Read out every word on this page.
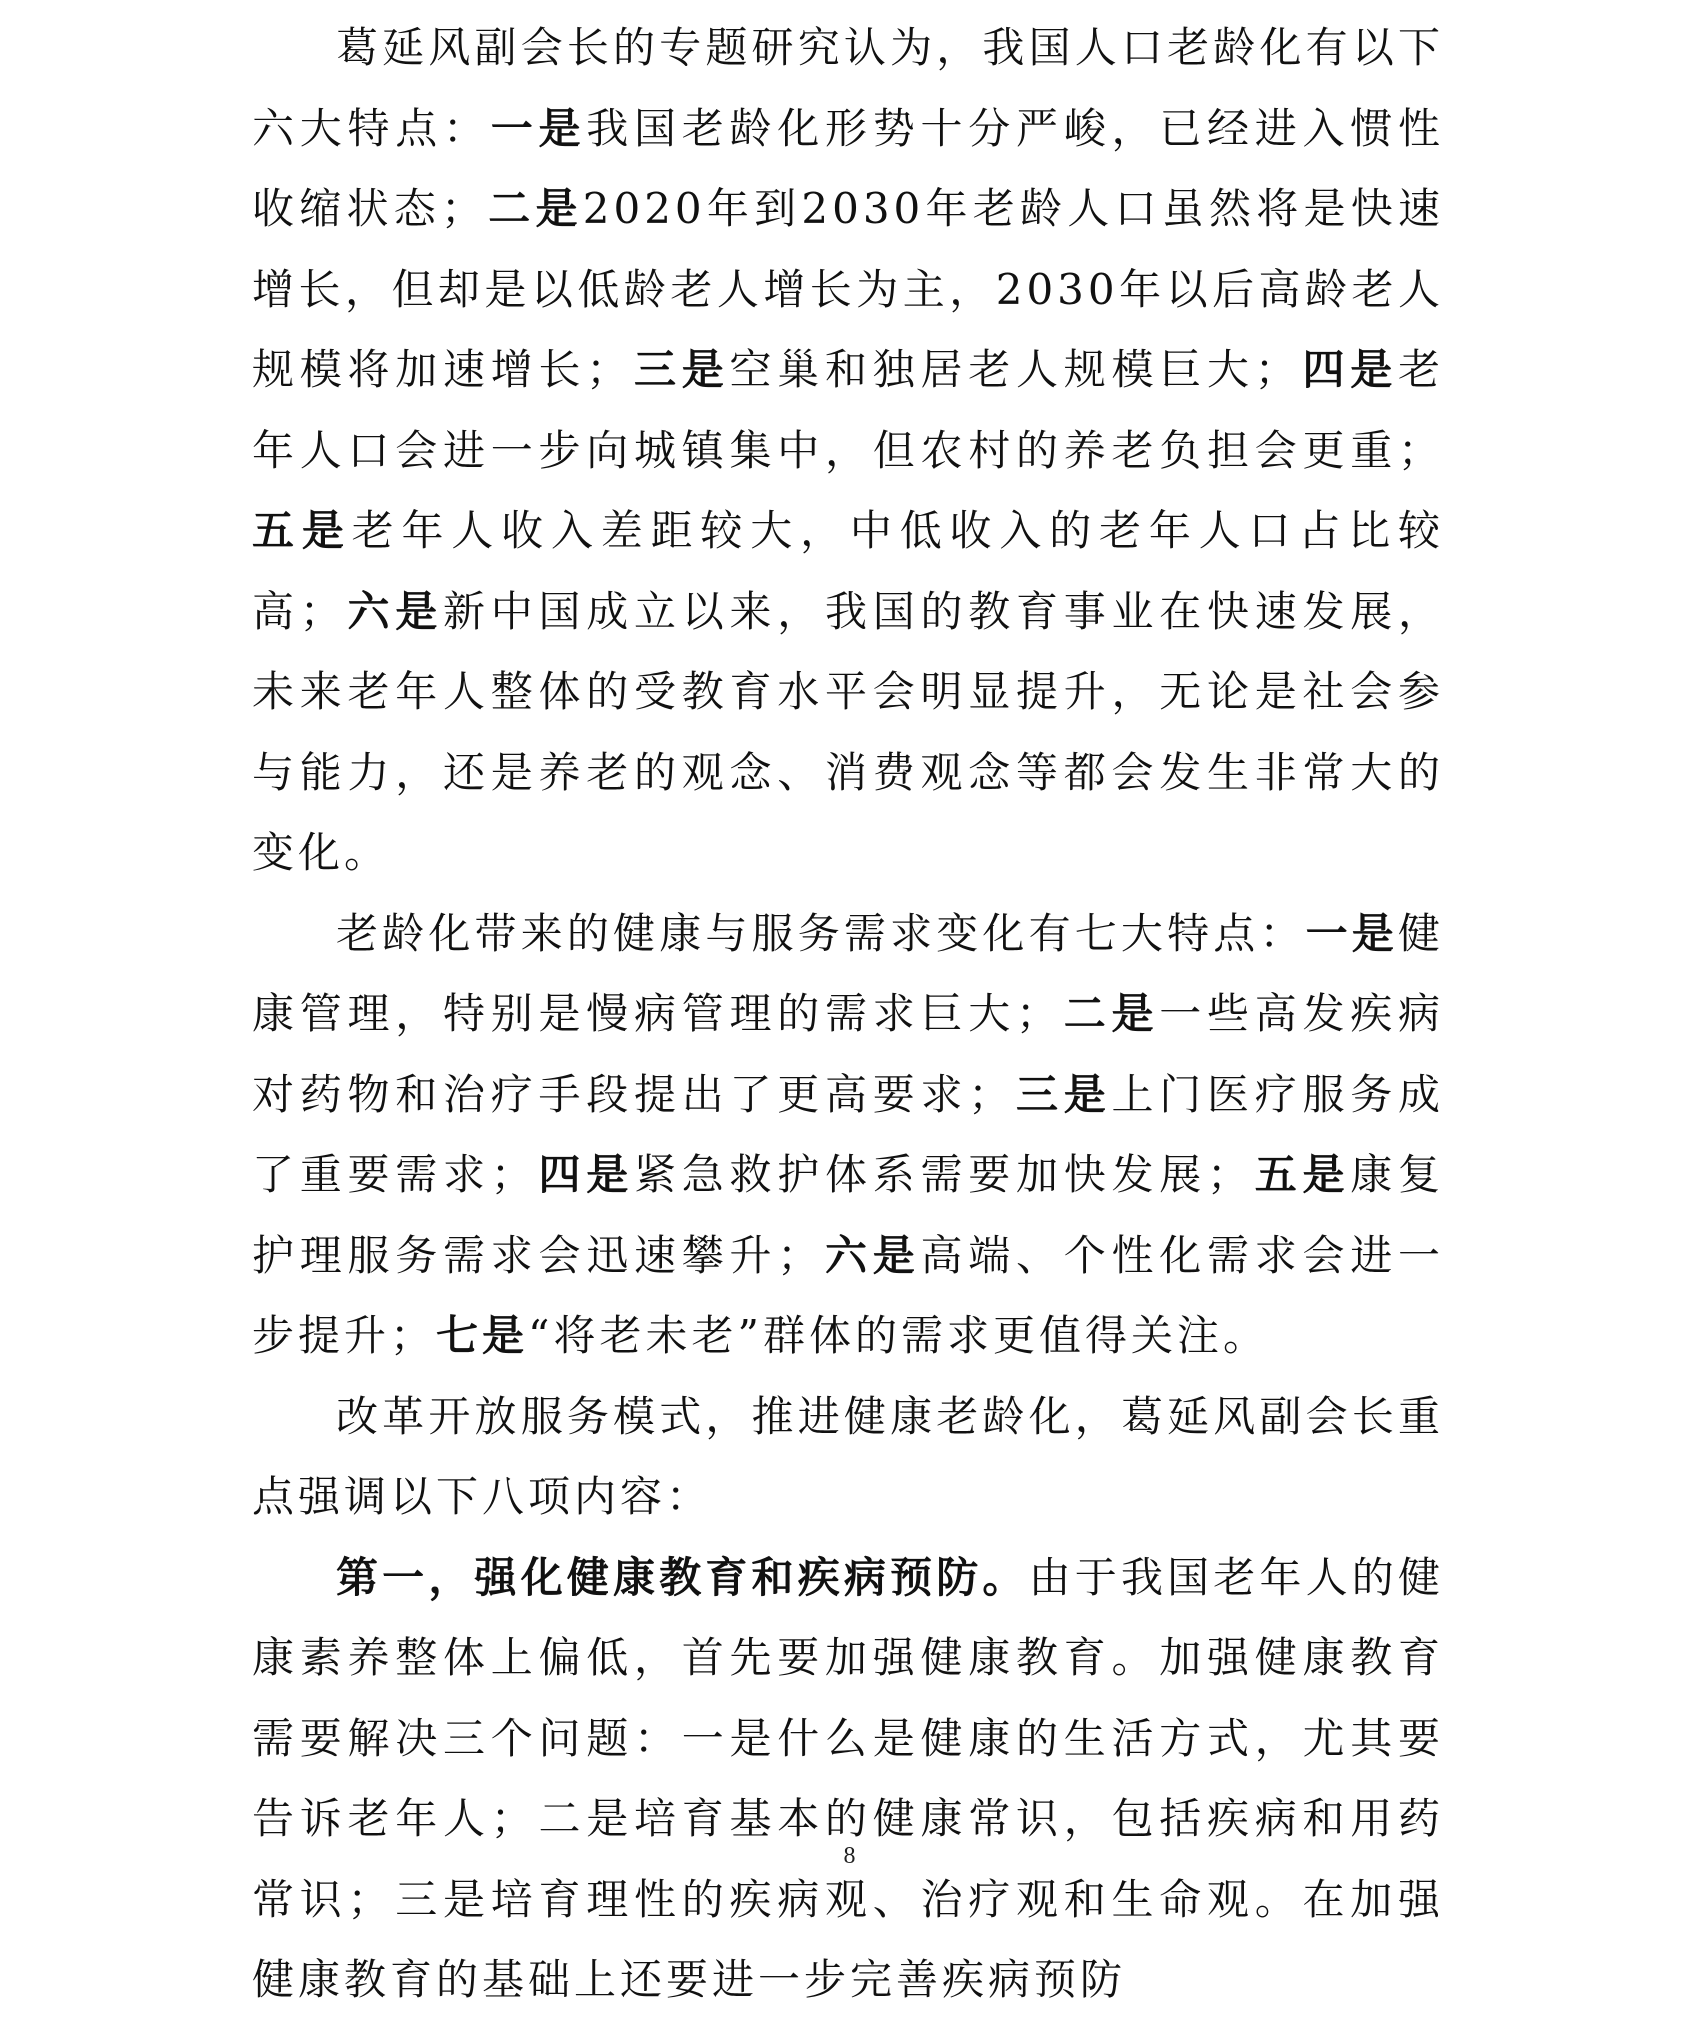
葛延风副会长的专题研究认为，我国人口老龄化有以下六大特点：一是我国老龄化形势十分严峻，已经进入惯性收缩状态；二是2020年到2030年老龄人口虽然将是快速增长，但却是以低龄老人增长为主，2030年以后高龄老人规模将加速增长；三是空巢和独居老人规模巨大；四是老年人口会进一步向城镇集中，但农村的养老负担会更重；五是老年人收入差距较大，中低收入的老年人口占比较高；六是新中国成立以来，我国的教育事业在快速发展，未来老年人整体的受教育水平会明显提升，无论是社会参与能力，还是养老的观念、消费观念等都会发生非常大的变化。

老龄化带来的健康与服务需求变化有七大特点：一是健康管理，特别是慢病管理的需求巨大；二是一些高发疾病对药物和治疗手段提出了更高要求；三是上门医疗服务成了重要需求；四是紧急救护体系需要加快发展；五是康复护理服务需求会迅速攀升；六是高端、个性化需求会进一步提升；七是“将老未老”群体的需求更值得关注。

改革开放服务模式，推进健康老龄化，葛延风副会长重点强调以下八项内容：

第一，强化健康教育和疾病预防。由于我国老年人的健康素养整体上偏低，首先要加强健康教育。加强健康教育需要解决三个问题：一是什么是健康的生活方式，尤其要告诉老年人；二是培育基本的健康常识，包括疾病和用药常识；三是培育理性的疾病观、治疗观和生命观。在加强健康教育的基础上还要进一步完善疾病预防

8
